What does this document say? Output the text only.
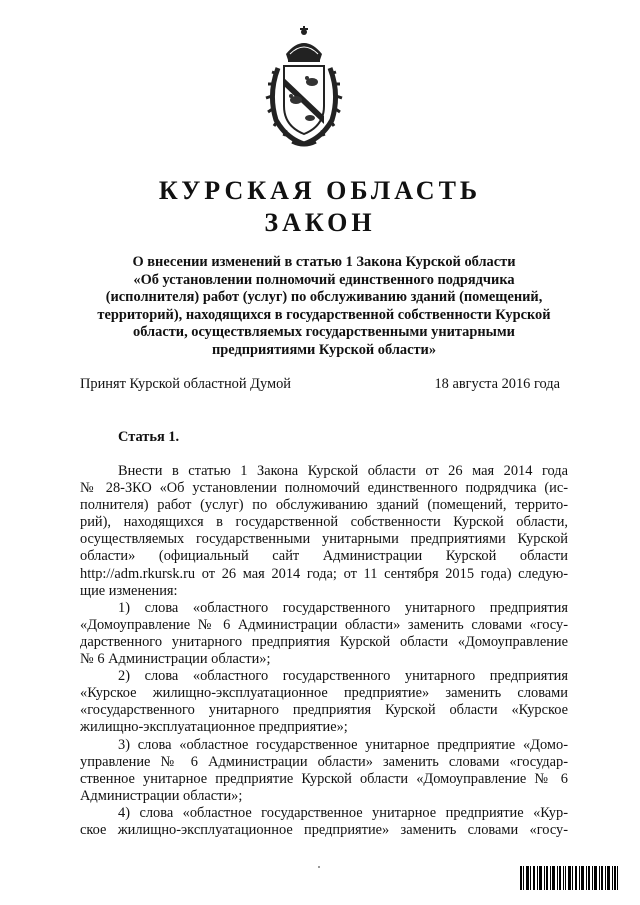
КУРСКАЯ ОБЛАСТЬ
ЗАКОН
О внесении изменений в статью 1 Закона Курской области
«Об установлении полномочий единственного подрядчика
(исполнителя) работ (услуг) по обслуживанию зданий (помещений,
территорий), находящихся в государственной собственности Курской
области, осуществляемых государственными унитарными
предприятиями Курской области»
Принят Курской областной Думой	18 августа 2016 года
Статья 1.
Внести в статью 1 Закона Курской области от 26 мая 2014 года
№ 28-ЗКО «Об установлении полномочий единственного подрядчика (ис-
полнителя) работ (услуг) по обслуживанию зданий (помещений, террито-
рий), находящихся в государственной собственности Курской области,
осуществляемых государственными унитарными предприятиями Курской
области» (официальный сайт Администрации Курской области
http://adm.rkursk.ru от 26 мая 2014 года; от 11 сентября 2015 года) следую-
щие изменения:
1) слова «областного государственного унитарного предприятия
«Домоуправление № 6 Администрации области» заменить словами «госу-
дарственного унитарного предприятия Курской области «Домоуправление
№ 6 Администрации области»;
2) слова «областного государственного унитарного предприятия
«Курское жилищно-эксплуатационное предприятие» заменить словами
«государственного унитарного предприятия Курской области «Курское
жилищно-эксплуатационное предприятие»;
3) слова «областное государственное унитарное предприятие «Домо-
управление № 6 Администрации области» заменить словами «государ-
ственное унитарное предприятие Курской области «Домоуправление № 6
Администрации области»;
4) слова «областное государственное унитарное предприятие «Кур-
ское жилищно-эксплуатационное предприятие» заменить словами «госу-
